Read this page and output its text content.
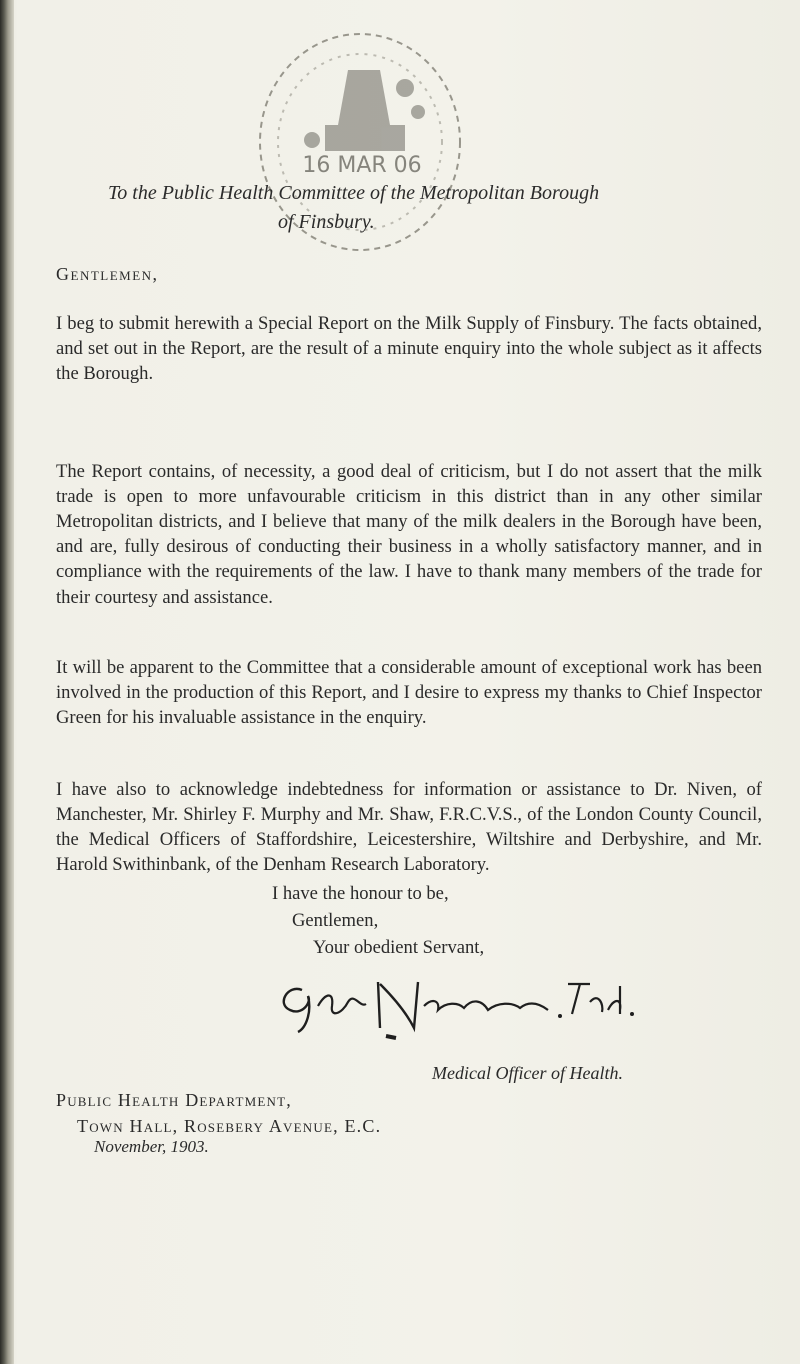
16 MAR 06
To the Public Health Committee of the Metropolitan Borough
of Finsbury.
Gentlemen,

I beg to submit herewith a Special Report on the Milk Supply of Finsbury. The facts obtained, and set out in the Report, are the result of a minute enquiry into the whole subject as it affects the Borough.

The Report contains, of necessity, a good deal of criticism, but I do not assert that the milk trade is open to more unfavourable criticism in this district than in any other similar Metropolitan districts, and I believe that many of the milk dealers in the Borough have been, and are, fully desirous of conducting their business in a wholly satisfactory manner, and in compliance with the requirements of the law. I have to thank many members of the trade for their courtesy and assistance.

It will be apparent to the Committee that a considerable amount of exceptional work has been involved in the production of this Report, and I desire to express my thanks to Chief Inspector Green for his invaluable assistance in the enquiry.

I have also to acknowledge indebtedness for information or assistance to Dr. Niven, of Manchester, Mr. Shirley F. Murphy and Mr. Shaw, F.R.C.V.S., of the London County Council, the Medical Officers of Staffordshire, Leicestershire, Wiltshire and Derbyshire, and Mr. Harold Swithinbank, of the Denham Research Laboratory.

I have the honour to be,
Gentlemen,
Your obedient Servant,
Medical Officer of Health.
Public Health Department,
Town Hall, Rosebery Avenue, E.C.
November, 1903.
